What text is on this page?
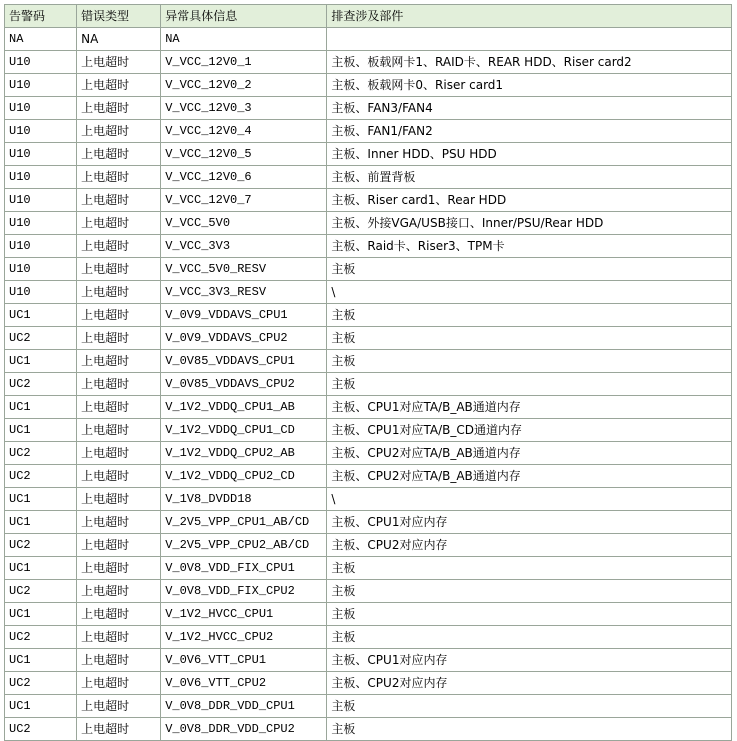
告警码	错误类型	异常具体信息	排查涉及部件
NA	NA	NA	
U10	上电超时	V_VCC_12V0_1	主板、板载网卡1、RAID卡、REAR HDD、Riser card2
U10	上电超时	V_VCC_12V0_2	主板、板载网卡0、Riser card1
U10	上电超时	V_VCC_12V0_3	主板、FAN3/FAN4
U10	上电超时	V_VCC_12V0_4	主板、FAN1/FAN2
U10	上电超时	V_VCC_12V0_5	主板、Inner HDD、PSU HDD
U10	上电超时	V_VCC_12V0_6	主板、前置背板
U10	上电超时	V_VCC_12V0_7	主板、Riser card1、Rear HDD
U10	上电超时	V_VCC_5V0	主板、外接VGA/USB接口、Inner/PSU/Rear HDD
U10	上电超时	V_VCC_3V3	主板、Raid卡、Riser3、TPM卡
U10	上电超时	V_VCC_5V0_RESV	主板
U10	上电超时	V_VCC_3V3_RESV	\
UC1	上电超时	V_0V9_VDDAVS_CPU1	主板
UC2	上电超时	V_0V9_VDDAVS_CPU2	主板
UC1	上电超时	V_0V85_VDDAVS_CPU1	主板
UC2	上电超时	V_0V85_VDDAVS_CPU2	主板
UC1	上电超时	V_1V2_VDDQ_CPU1_AB	主板、CPU1对应TA/B_AB通道内存
UC1	上电超时	V_1V2_VDDQ_CPU1_CD	主板、CPU1对应TA/B_CD通道内存
UC2	上电超时	V_1V2_VDDQ_CPU2_AB	主板、CPU2对应TA/B_AB通道内存
UC2	上电超时	V_1V2_VDDQ_CPU2_CD	主板、CPU2对应TA/B_AB通道内存
UC1	上电超时	V_1V8_DVDD18	\
UC1	上电超时	V_2V5_VPP_CPU1_AB/CD	主板、CPU1对应内存
UC2	上电超时	V_2V5_VPP_CPU2_AB/CD	主板、CPU2对应内存
UC1	上电超时	V_0V8_VDD_FIX_CPU1	主板
UC2	上电超时	V_0V8_VDD_FIX_CPU2	主板
UC1	上电超时	V_1V2_HVCC_CPU1	主板
UC2	上电超时	V_1V2_HVCC_CPU2	主板
UC1	上电超时	V_0V6_VTT_CPU1	主板、CPU1对应内存
UC2	上电超时	V_0V6_VTT_CPU2	主板、CPU2对应内存
UC1	上电超时	V_0V8_DDR_VDD_CPU1	主板
UC2	上电超时	V_0V8_DDR_VDD_CPU2	主板
